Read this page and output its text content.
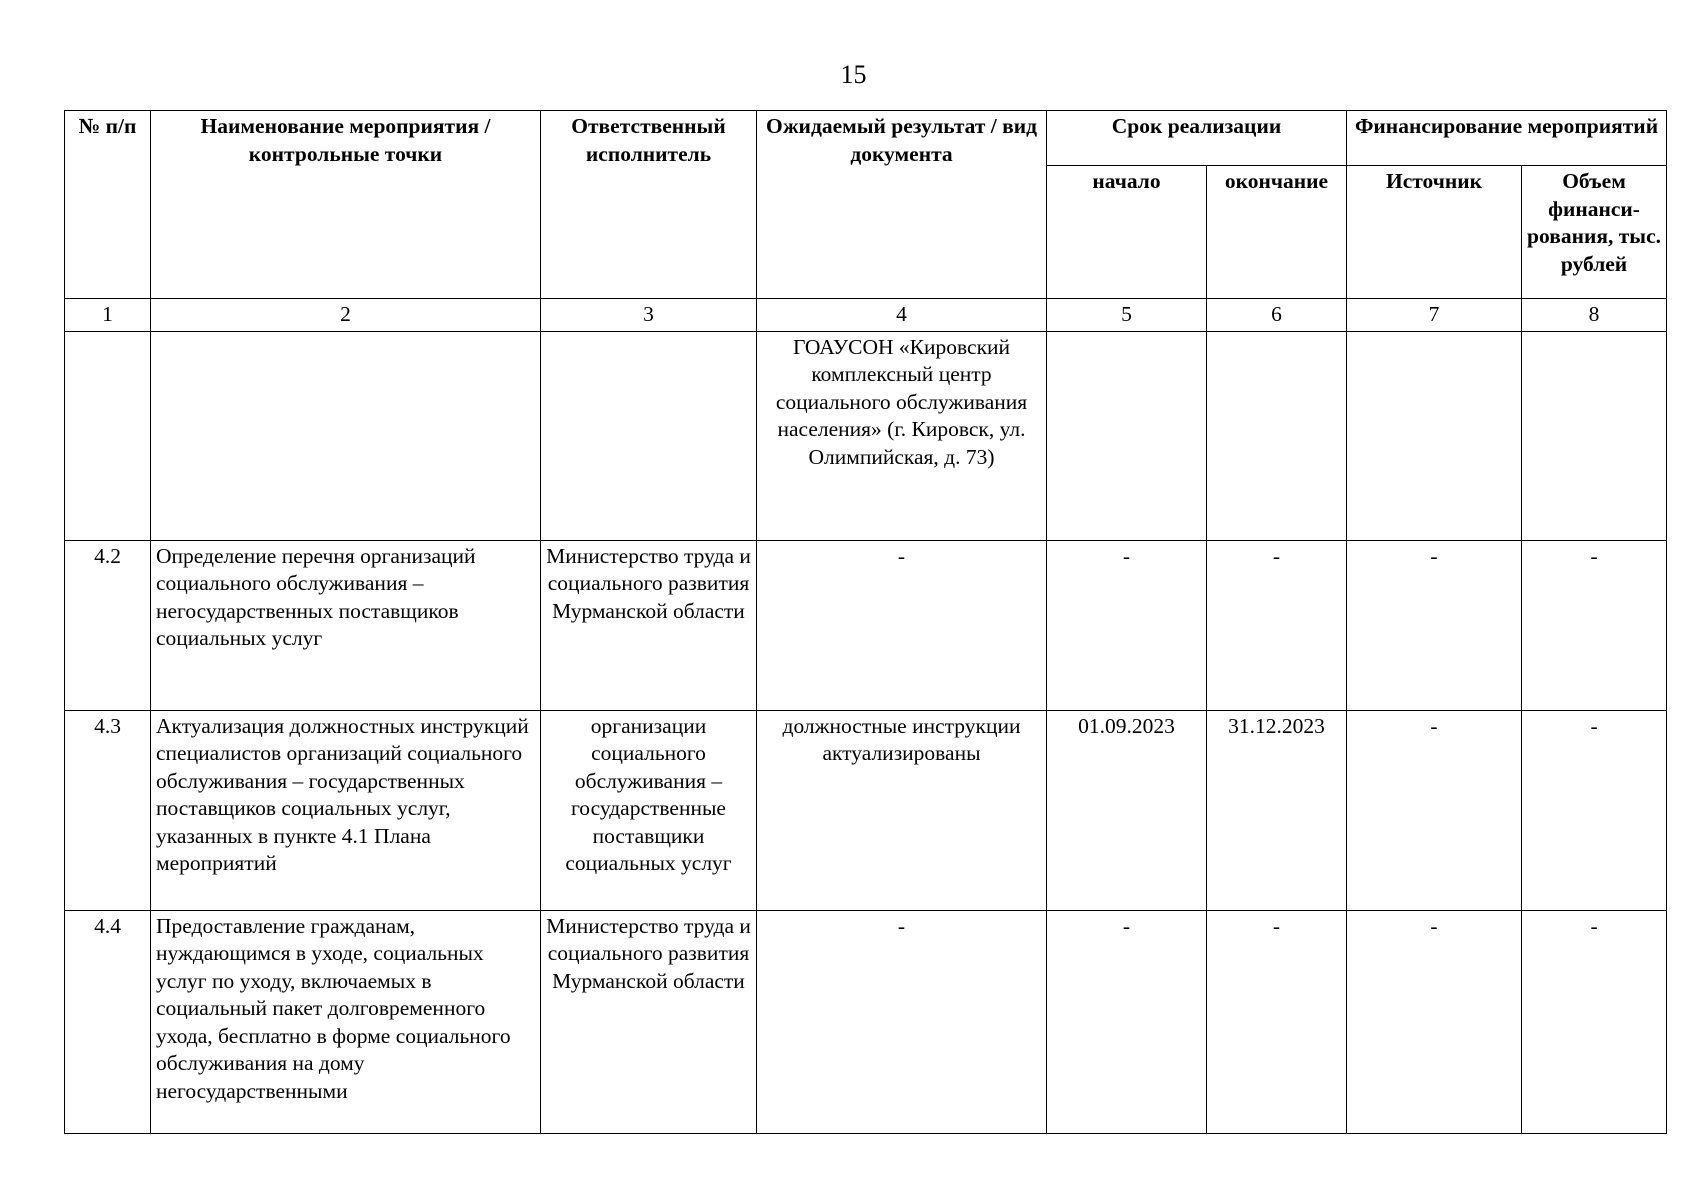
15
№ п/п	Наименование мероприятия / контрольные точки	Ответственный исполнитель	Ожидаемый результат / вид документа	Срок реализации		Финансирование мероприятий	
				начало	окончание	Источник	Объем финанси-рования, тыс. рублей
1	2	3	4	5	6	7	8
			ГОАУСОН «Кировский комплексный центр социального обслуживания населения» (г. Кировск, ул. Олимпийская, д. 73)				
4.2	Определение перечня организаций социального обслуживания – негосударственных поставщиков социальных услуг	Министерство труда и социального развития Мурманской области	-	-	-	-	-
4.3	Актуализация должностных инструкций специалистов организаций социального обслуживания – государственных поставщиков социальных услуг, указанных в пункте 4.1 Плана мероприятий	организации социального обслуживания – государственные поставщики социальных услуг	должностные инструкции актуализированы	01.09.2023	31.12.2023	-	-
4.4	Предоставление гражданам, нуждающимся в уходе, социальных услуг по уходу, включаемых в социальный пакет долговременного ухода, бесплатно в форме социального обслуживания на дому негосударственными	Министерство труда и социального развития Мурманской области	-	-	-	-	-
